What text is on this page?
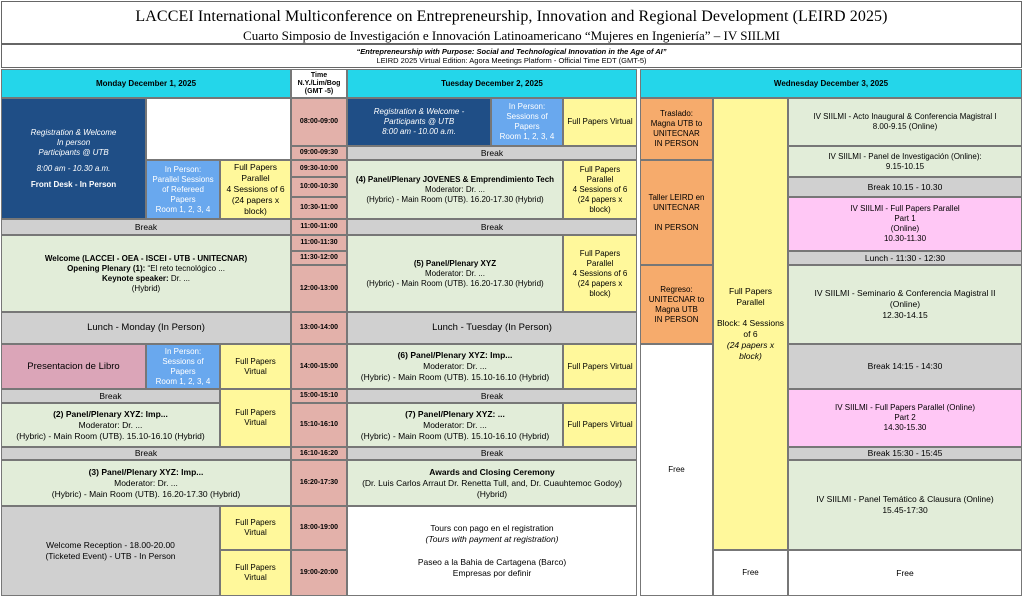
LACCEI International Multiconference on Entrepreneurship, Innovation and Regional Development (LEIRD 2025)
Cuarto Simposio de Investigación e Innovación Latinoamericano “Mujeres en Ingeniería” – IV SIILMI
“Entrepreneurship with Purpose: Social and Technological Innovation in the Age of AI”
LEIRD 2025 Virtual Edition: Agora Meetings Platform - Official Time EDT (GMT-5)
Monday December 1, 2025
Time N.Y./Lim/Bog (GMT -5)
Tuesday December 2, 2025	Wednesday December 3, 2025
08:00-09:00
09:00-09:30
09:30-10:00
10:00-10:30
10:30-11:00
11:00-11:00
11:00-11:30
11:30-12:00
12:00-13:00
13:00-14:00
14:00-15:00
15:00-15:10
15:10-16:10
16:10-16:20
16:20-17:30
18:00-19:00
19:00-20:00
Registration & Welcome
In person
Participants @ UTB
8:00 am - 10.30 a.m.
Front Desk - In Person
In Person:
Parallel Sessions
of Refereed
Papers
Room 1, 2, 3, 4
Full Papers
Parallel
4 Sessions of 6
(24 papers x
block)
Break
Welcome (LACCEI - OEA - ISCEI - UTB - UNITECNAR)
Opening Plenary (1): “El reto tecnológico ...
Keynote speaker: Dr. ...
(Hybrid)
Lunch - Monday (In Person)
Presentacion de Libro
In Person:
Sessions of
Papers
Room 1, 2, 3, 4
Full Papers Virtual
Break
(2) Panel/Plenary XYZ: Imp...
Moderator: Dr. ...
(Hybric) - Main Room (UTB). 15.10-16.10 (Hybrid)
Full Papers Virtual
Break
(3) Panel/Plenary XYZ: Imp...
Moderator: Dr. ...
(Hybric) - Main Room (UTB). 16.20-17.30 (Hybrid)
Welcome Reception - 18.00-20.00
(Ticketed Event) - UTB - In Person
Full Papers Virtual
Full Papers Virtual
Registration & Welcome -
Participants @ UTB
8:00 am - 10.00 a.m.
In Person:
Sessions of
Papers
Room 1, 2, 3, 4
Full Papers Virtual
Break
(4) Panel/Plenary JOVENES & Emprendimiento Tech
Moderator: Dr. ...
(Hybric) - Main Room (UTB). 16.20-17.30 (Hybrid)
Full Papers
Parallel
4 Sessions of 6
(24 papers x
block)
Break
(5) Panel/Plenary XYZ
Moderator: Dr. ...
(Hybric) - Main Room (UTB). 16.20-17.30 (Hybrid)
Full Papers
Parallel
4 Sessions of 6
(24 papers x
block)
Lunch - Tuesday (In Person)
(6) Panel/Plenary XYZ: Imp...
Moderator: Dr. ...
(Hybric) - Main Room (UTB). 15.10-16.10 (Hybrid)
Full Papers Virtual
Break
(7) Panel/Plenary XYZ: ...
Moderator: Dr. ...
(Hybric) - Main Room (UTB). 15.10-16.10 (Hybrid)
Full Papers Virtual
Break
Awards and Closing Ceremony
(Dr. Luis Carlos Arraut Dr. Renetta Tull, and, Dr. Cuauhtemoc Godoy)
(Hybrid)
Tours con pago en el registration
(Tours with payment at registration)
Paseo a la Bahia de Cartagena (Barco)
Empresas por definir
Traslado:
Magna UTB to
UNITECNAR
IN PERSON
Taller LEIRD en
UNITECNAR
IN PERSON
Regreso:
UNITECNAR to
Magna UTB
IN PERSON
Free
Full Papers
Parallel
Block: 4 Sessions
of 6
(24 papers x
block)
Free
IV SIILMI - Acto Inaugural & Conferencia Magistral I
8.00-9.15 (Online)
IV SIILMI - Panel de Investigación (Online):
9.15-10.15
Break 10.15 - 10.30
IV SIILMI - Full Papers Parallel
Part 1
(Online)
10.30-11.30
Lunch - 11:30 - 12:30
IV SIILMI - Seminario & Conferencia Magistral II
(Online)
12.30-14.15
Break 14:15 - 14:30
IV SIILMI - Full Papers Parallel (Online)
Part 2
14.30-15.30
Break 15:30 - 15:45
IV SIILMI - Panel Temático & Clausura (Online)
15.45-17:30
Free
